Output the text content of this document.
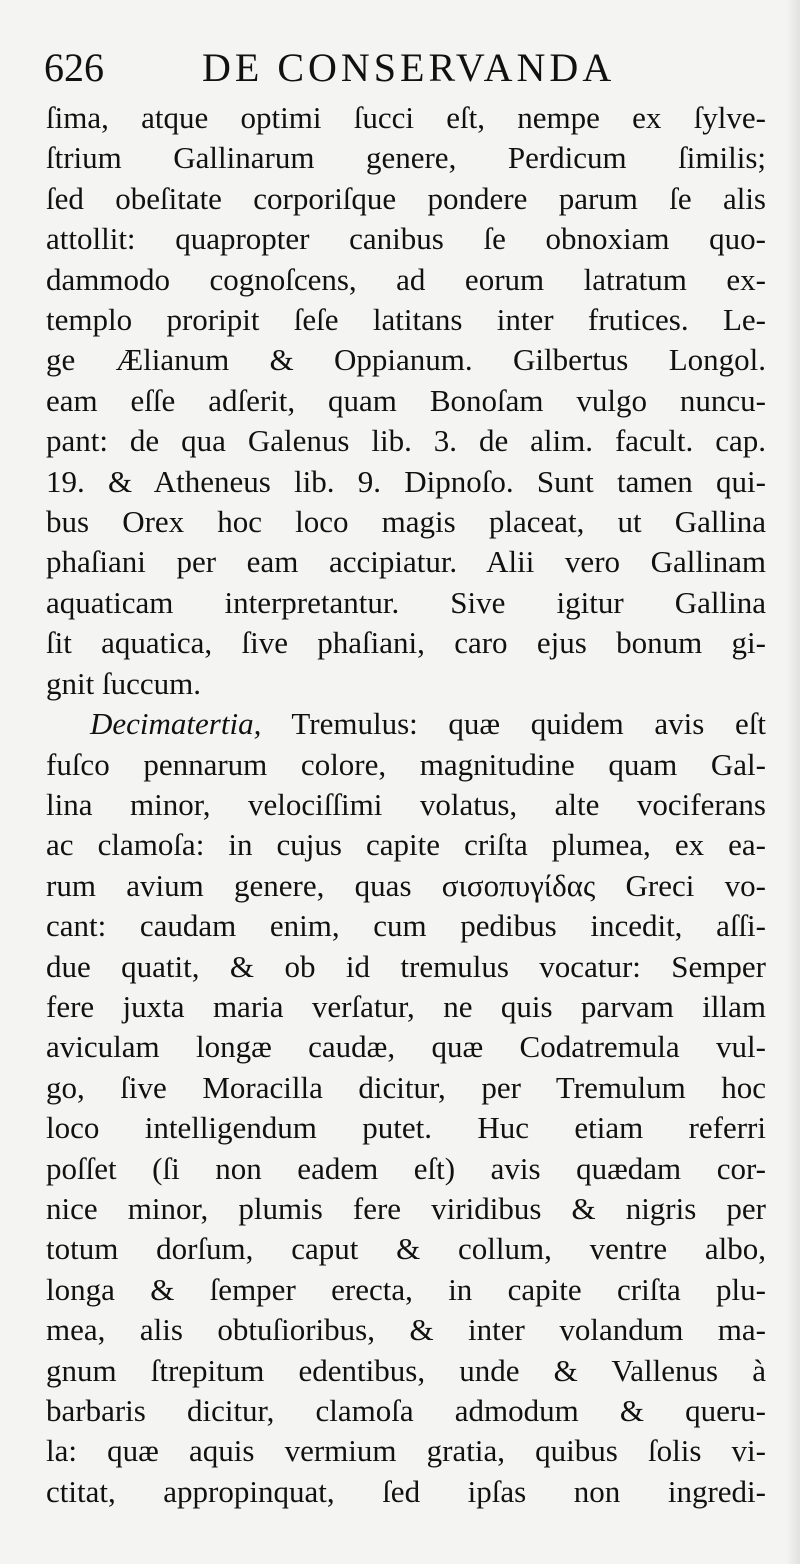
626 DE CONSERVANDA
ſima, atque optimi ſucci eſt, nempe ex ſylve-
ſtrium Gallinarum genere, Perdicum ſimilis;
ſed obeſitate corporiſque pondere parum ſe alis
attollit: quapropter canibus ſe obnoxiam quo-
dammodo cognoſcens, ad eorum latratum ex-
templo proripit ſeſe latitans inter frutices. Le-
ge Ælianum & Oppianum. Gilbertus Longol.
eam eſſe adſerit, quam Bonoſam vulgo nuncu-
pant: de qua Galenus lib. 3. de alim. facult. cap.
19. & Atheneus lib. 9. Dipnoſo. Sunt tamen qui-
bus Orex hoc loco magis placeat, ut Gallina
phaſiani per eam accipiatur. Alii vero Gallinam
aquaticam interpretantur. Sive igitur Gallina
ſit aquatica, ſive phaſiani, caro ejus bonum gi-
gnit ſuccum.
Decimatertia, Tremulus: quæ quidem avis eſt
fuſco pennarum colore, magnitudine quam Gal-
lina minor, velociſſimi volatus, alte vociferans
ac clamoſa: in cujus capite criſta plumea, ex ea-
rum avium genere, quas σισοπυγίδας Greci vo-
cant: caudam enim, cum pedibus incedit, aſſi-
due quatit, & ob id tremulus vocatur: Semper
fere juxta maria verſatur, ne quis parvam illam
aviculam longæ caudæ, quæ Codatremula vul-
go, ſive Moracilla dicitur, per Tremulum hoc
loco intelligendum putet. Huc etiam referri
poſſet (ſi non eadem eſt) avis quædam cor-
nice minor, plumis fere viridibus & nigris per
totum dorſum, caput & collum, ventre albo,
longa & ſemper erecta, in capite criſta plu-
mea, alis obtuſioribus, & inter volandum ma-
gnum ſtrepitum edentibus, unde & Vallenus à
barbaris dicitur, clamoſa admodum & queru-
la: quæ aquis vermium gratia, quibus ſolis vi-
ctitat, appropinquat, ſed ipſas non ingredi-
